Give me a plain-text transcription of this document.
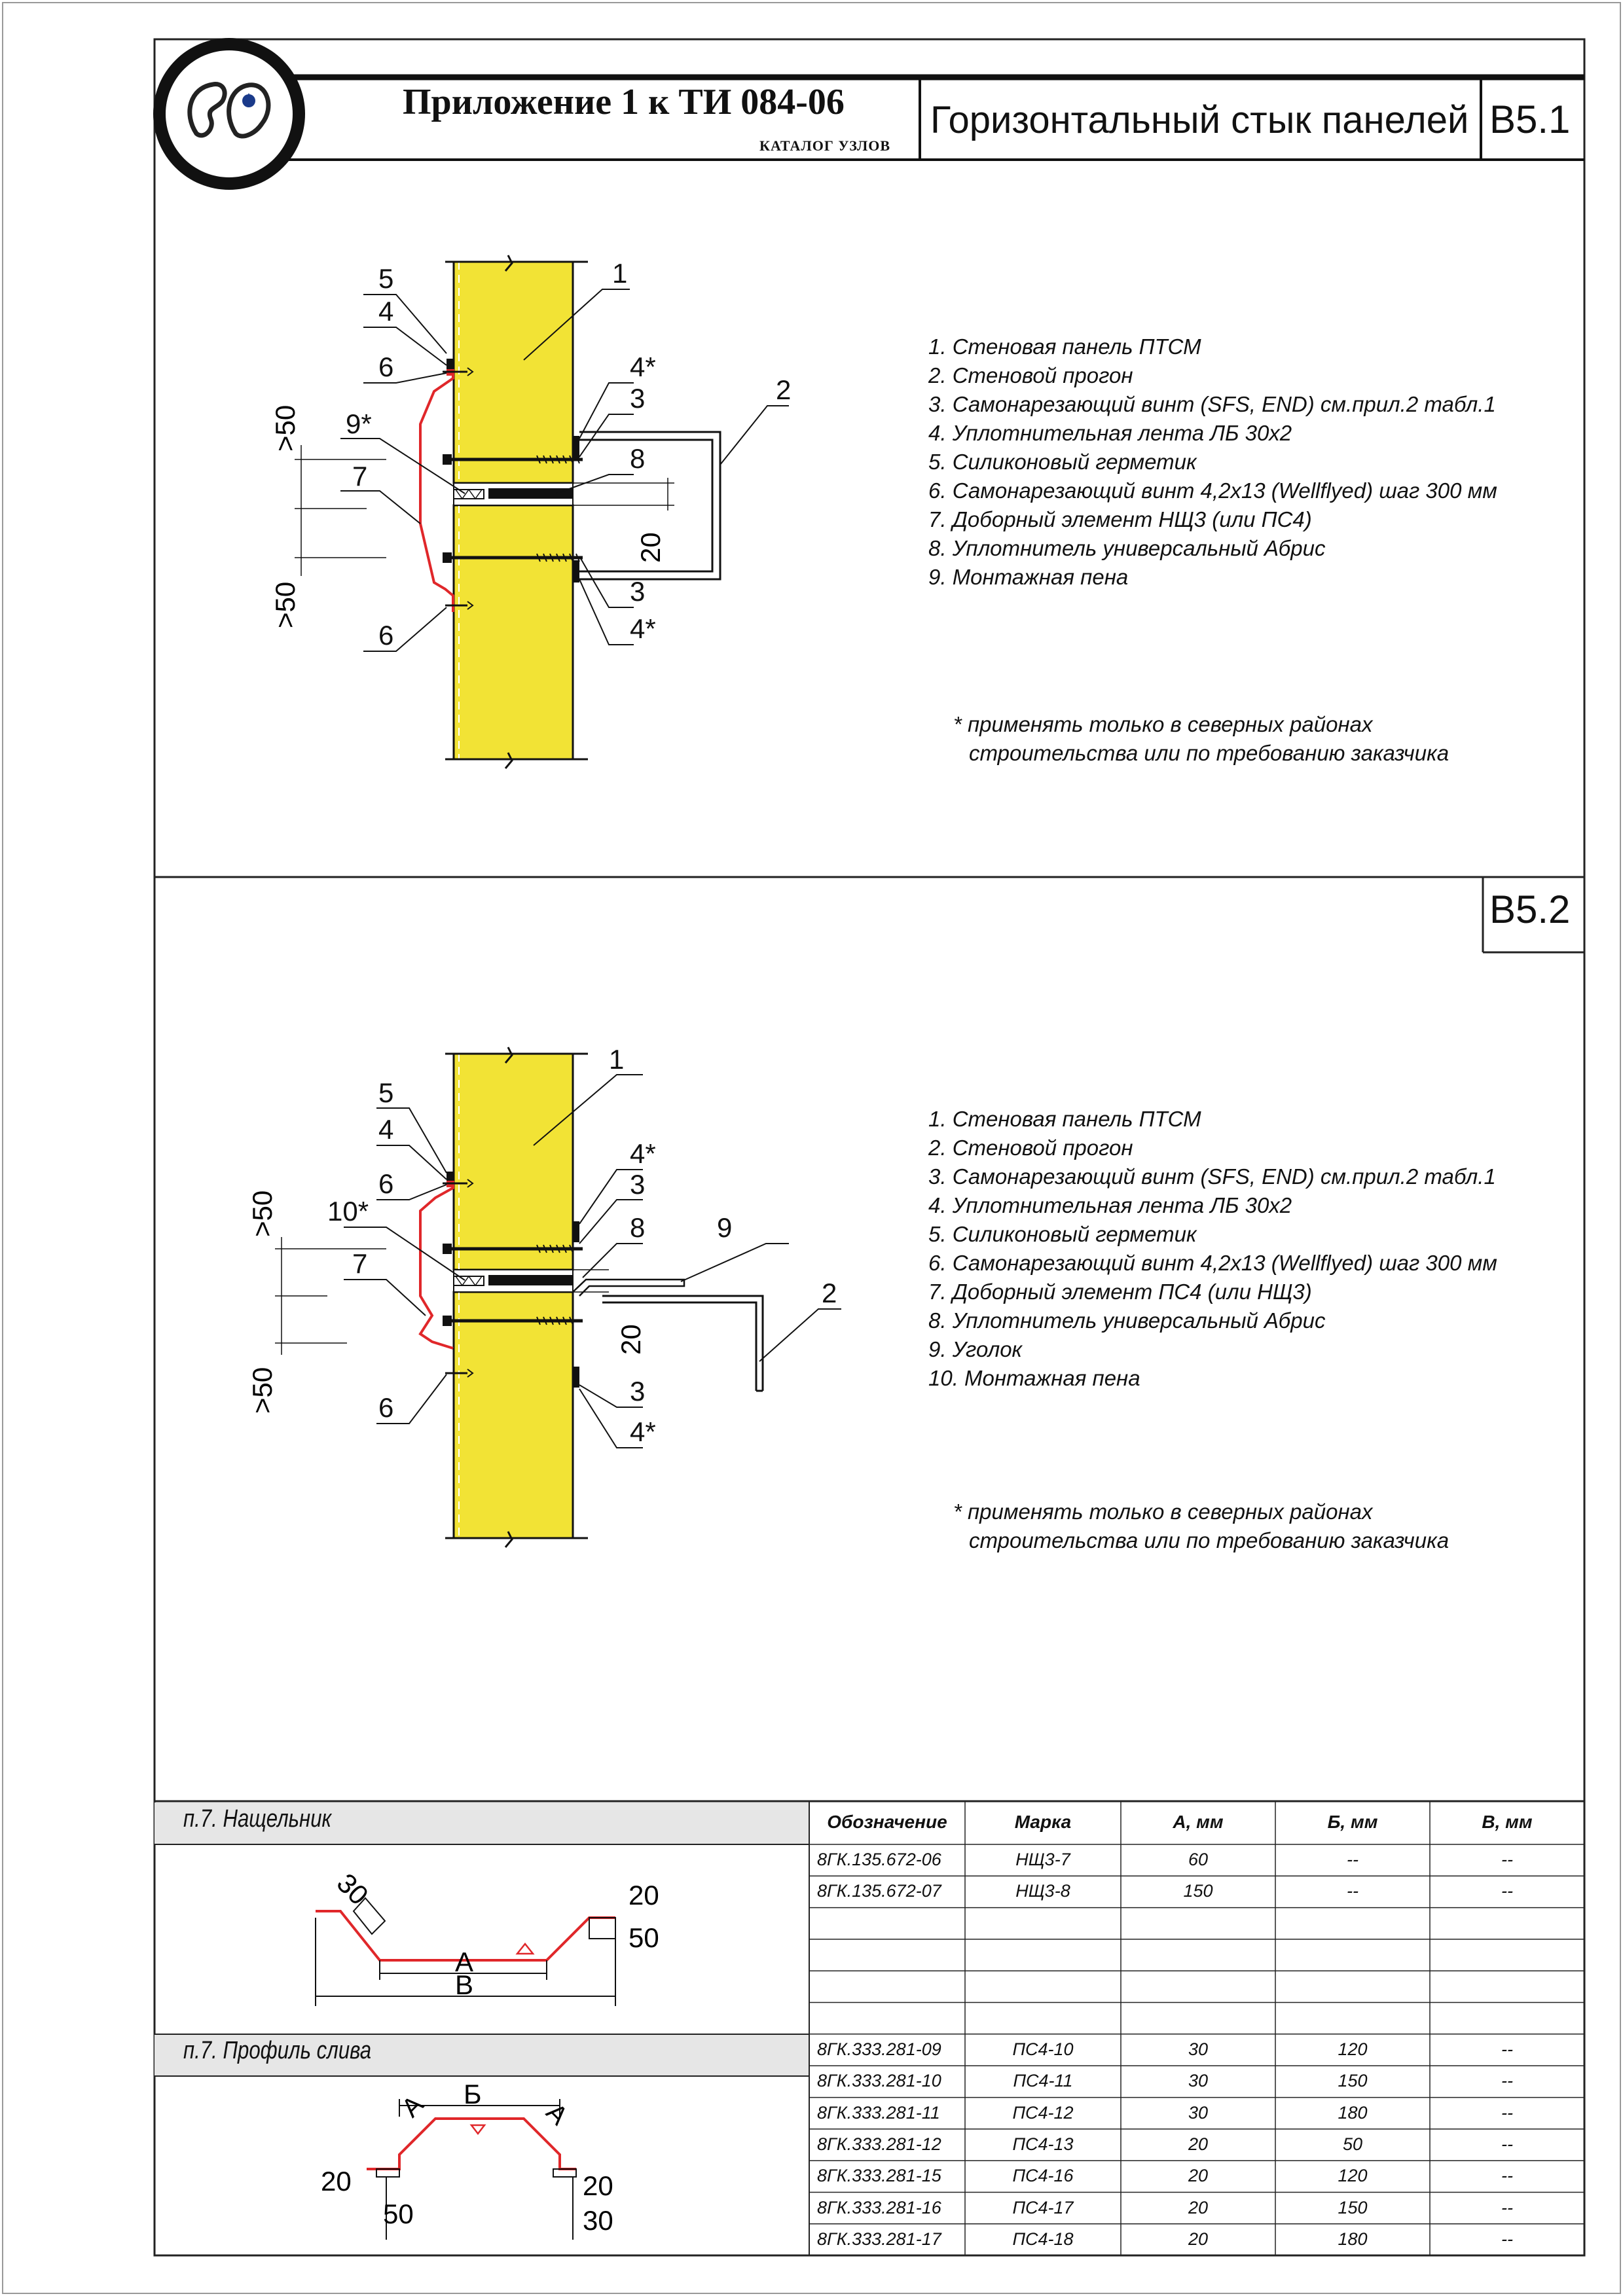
Приложение 1 к ТИ 084-06
КАТАЛОГ УЗЛОВ
Горизонтальный стык панелей В5.1
В5.2
20
>50
>50
5
4
6
9*
7
6
1
4*
3	2
8
3
4*
1. Стеновая панель ПТСМ
2. Стеновой прогон
3. Самонарезающий винт (SFS, END) см.прил.2 табл.1
4. Уплотнительная лента ЛБ 30х2
5. Силиконовый герметик
6. Самонарезающий винт 4,2х13 (Wellflyed) шаг 300 мм
7. Доборный элемент НЩ3 (или ПС4)
8. Уплотнитель универсальный Абрис
9. Монтажная пена
* применять только в северных районах
строительства или по требованию заказчика
20
>50
>50
5
4
6
10*
7
6
1
4*
3
8	9
2
3
4*
1. Стеновая панель ПТСМ
2. Стеновой прогон
3. Самонарезающий винт (SFS, END) см.прил.2 табл.1
4. Уплотнительная лента ЛБ 30х2
5. Силиконовый герметик
6. Самонарезающий винт 4,2х13 (Wellflyed) шаг 300 мм
7. Доборный элемент ПС4 (или НЩ3)
8. Уплотнитель универсальный Абрис
9. Уголок
10. Монтажная пена
* применять только в северных районах
строительства или по требованию заказчика
п.7. Нащельник
п.7. Профиль слива
30	20
50
А
В
Б
А	А
20
50
20
30
Обозначение	Марка	А, мм	Б, мм	В, мм
8ГК.135.672-06	НЩ3-7	60	--	--
8ГК.135.672-07	НЩ3-8	150	--	--
8ГК.333.281-09	ПС4-10	30	120	--
8ГК.333.281-10	ПС4-11	30	150	--
8ГК.333.281-11	ПС4-12	30	180	--
8ГК.333.281-12	ПС4-13	20	50	--
8ГК.333.281-15	ПС4-16	20	120	--
8ГК.333.281-16	ПС4-17	20	150	--
8ГК.333.281-17	ПС4-18	20	180	--
